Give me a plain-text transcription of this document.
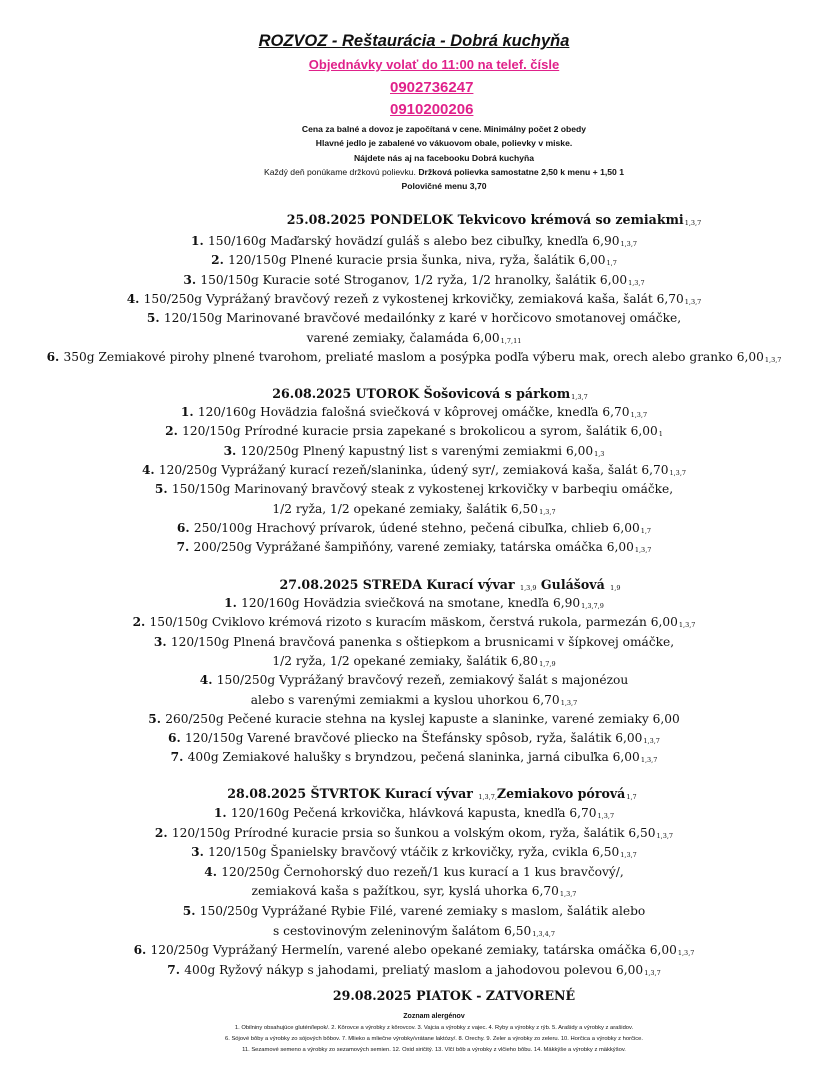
ROZVOZ - Reštaurácia - Dobrá kuchyňa
Objednávky volať do 11:00 na telef. čísle
0902736247
0910200206
Cena za balné a dovoz je započítaná v cene. Minimálny počet 2 obedy
Hlavné jedlo je zabalené vo vákuovom obale, polievky v miske.
Nájdete nás aj na facebooku Dobrá kuchyňa
Každý deň ponúkame držkovú polievku. Držková polievka samostatne 2,50 k menu + 1,50 1
Polovičné menu 3,70
25.08.2025 PONDELOK Tekvicovo krémová so zemiakmi1,3,7
1. 150/160g Maďarský hovädzí guláš s alebo bez cibuľky, knedľa 6,901,3,7
2. 120/150g Plnené kuracie prsia šunka, niva, ryža, šalátik 6,001,7
3. 150/150g Kuracie soté Stroganov, 1/2 ryža, 1/2 hranolky, šalátik 6,001,3,7
4. 150/250g Vyprážaný bravčový rezeň z vykostenej krkovičky, zemiaková kaša, šalát 6,701,3,7
5. 120/150g Marinované bravčové medailónky z karé v horčicovo smotanovej omáčke,
varené zemiaky, čalamáda 6,001,7,11
6. 350g Zemiakové pirohy plnené tvarohom, preliaté maslom a posýpka podľa výberu mak, orech alebo granko 6,001,3,7
26.08.2025 UTOROK Šošovicová s párkom1,3,7
1. 120/160g Hovädzia falošná sviečková v kôprovej omáčke, knedľa 6,701,3,7
2. 120/150g Prírodné kuracie prsia zapekané s brokolicou a syrom, šalátik 6,001
3. 120/250g Plnený kapustný list s varenými zemiakmi 6,001,3
4. 120/250g Vyprážaný kurací rezeň/slaninka, údený syr/, zemiaková kaša, šalát 6,701,3,7
5. 150/150g Marinovaný bravčový steak z vykostenej krkovičky v barbeqiu omáčke,
1/2 ryža, 1/2 opekané zemiaky, šalátik 6,501,3,7
6. 250/100g Hrachový prívarok, údené stehno, pečená cibuľka, chlieb 6,001,7
7. 200/250g Vyprážané šampiňóny, varené zemiaky, tatárska omáčka 6,001,3,7
27.08.2025 STREDA Kurací vývar 1,3,9 Gulášová 1,9
1. 120/160g Hovädzia sviečková na smotane, knedľa 6,901,3,7,9
2. 150/150g Cviklovo krémová rizoto s kuracím mäskom, čerstvá rukola, parmezán 6,001,3,7
3. 120/150g Plnená bravčová panenka s oštiepkom a brusnicami v šípkovej omáčke,
1/2 ryža, 1/2 opekané zemiaky, šalátik 6,801,7,9
4. 150/250g Vyprážaný bravčový rezeň, zemiakový šalát s majonézou
alebo s varenými zemiakmi a kyslou uhorkou 6,701,3,7
5. 260/250g Pečené kuracie stehna na kyslej kapuste a slaninke, varené zemiaky 6,00
6. 120/150g Varené bravčové pliecko na Štefánsky spôsob, ryža, šalátik 6,001,3,7
7. 400g Zemiakové halušky s bryndzou, pečená slaninka, jarná cibuľka 6,001,3,7
28.08.2025 ŠTVRTOK Kurací vývar 1,3,7,Zemiakovo pórová1,7
1. 120/160g Pečená krkovička, hlávková kapusta, knedľa 6,701,3,7
2. 120/150g Prírodné kuracie prsia so šunkou a volským okom, ryža, šalátik 6,501,3,7
3. 120/150g Španielsky bravčový vtáčik z krkovičky, ryža, cvikla 6,501,3,7
4. 120/250g Černohorský duo rezeň/1 kus kurací a 1 kus bravčový/,
zemiaková kaša s pažítkou, syr, kyslá uhorka 6,701,3,7
5. 150/250g Vyprážané Rybie Filé, varené zemiaky s maslom, šalátik alebo
s cestovinovým zeleninovým šalátom 6,501,3,4,7
6. 120/250g Vyprážaný Hermelín, varené alebo opekané zemiaky, tatárska omáčka 6,001,3,7
7. 400g Ryžový nákyp s jahodami, preliatý maslom a jahodovou polevou 6,001,3,7
29.08.2025 PIATOK - ZATVORENÉ
Zoznam alergénov
1. Obilniny obsahujúce glutén/lepok/. 2. Kôrovce a výrobky z kôrovcov. 3. Vajcia a výrobky z vajec. 4. Ryby a výrobky z rýb. 5. Arašidy a výrobky z arašidov.
6. Sójové bôby a výrobky zo sójových bôbov. 7. Mlieko a mliečne výrobky/vrátane laktózy/. 8. Orechy. 9. Zeler a výrobky zo zeleru. 10. Horčica a výrobky z horčice.
11. Sezamové semeno a výrobky zo sezamových semien. 12. Oxid siričitý. 13. Vlčí bôb a výrobky z vlčieho bôbu. 14. Mäkkýše a výrobky z mäkkýšov.
